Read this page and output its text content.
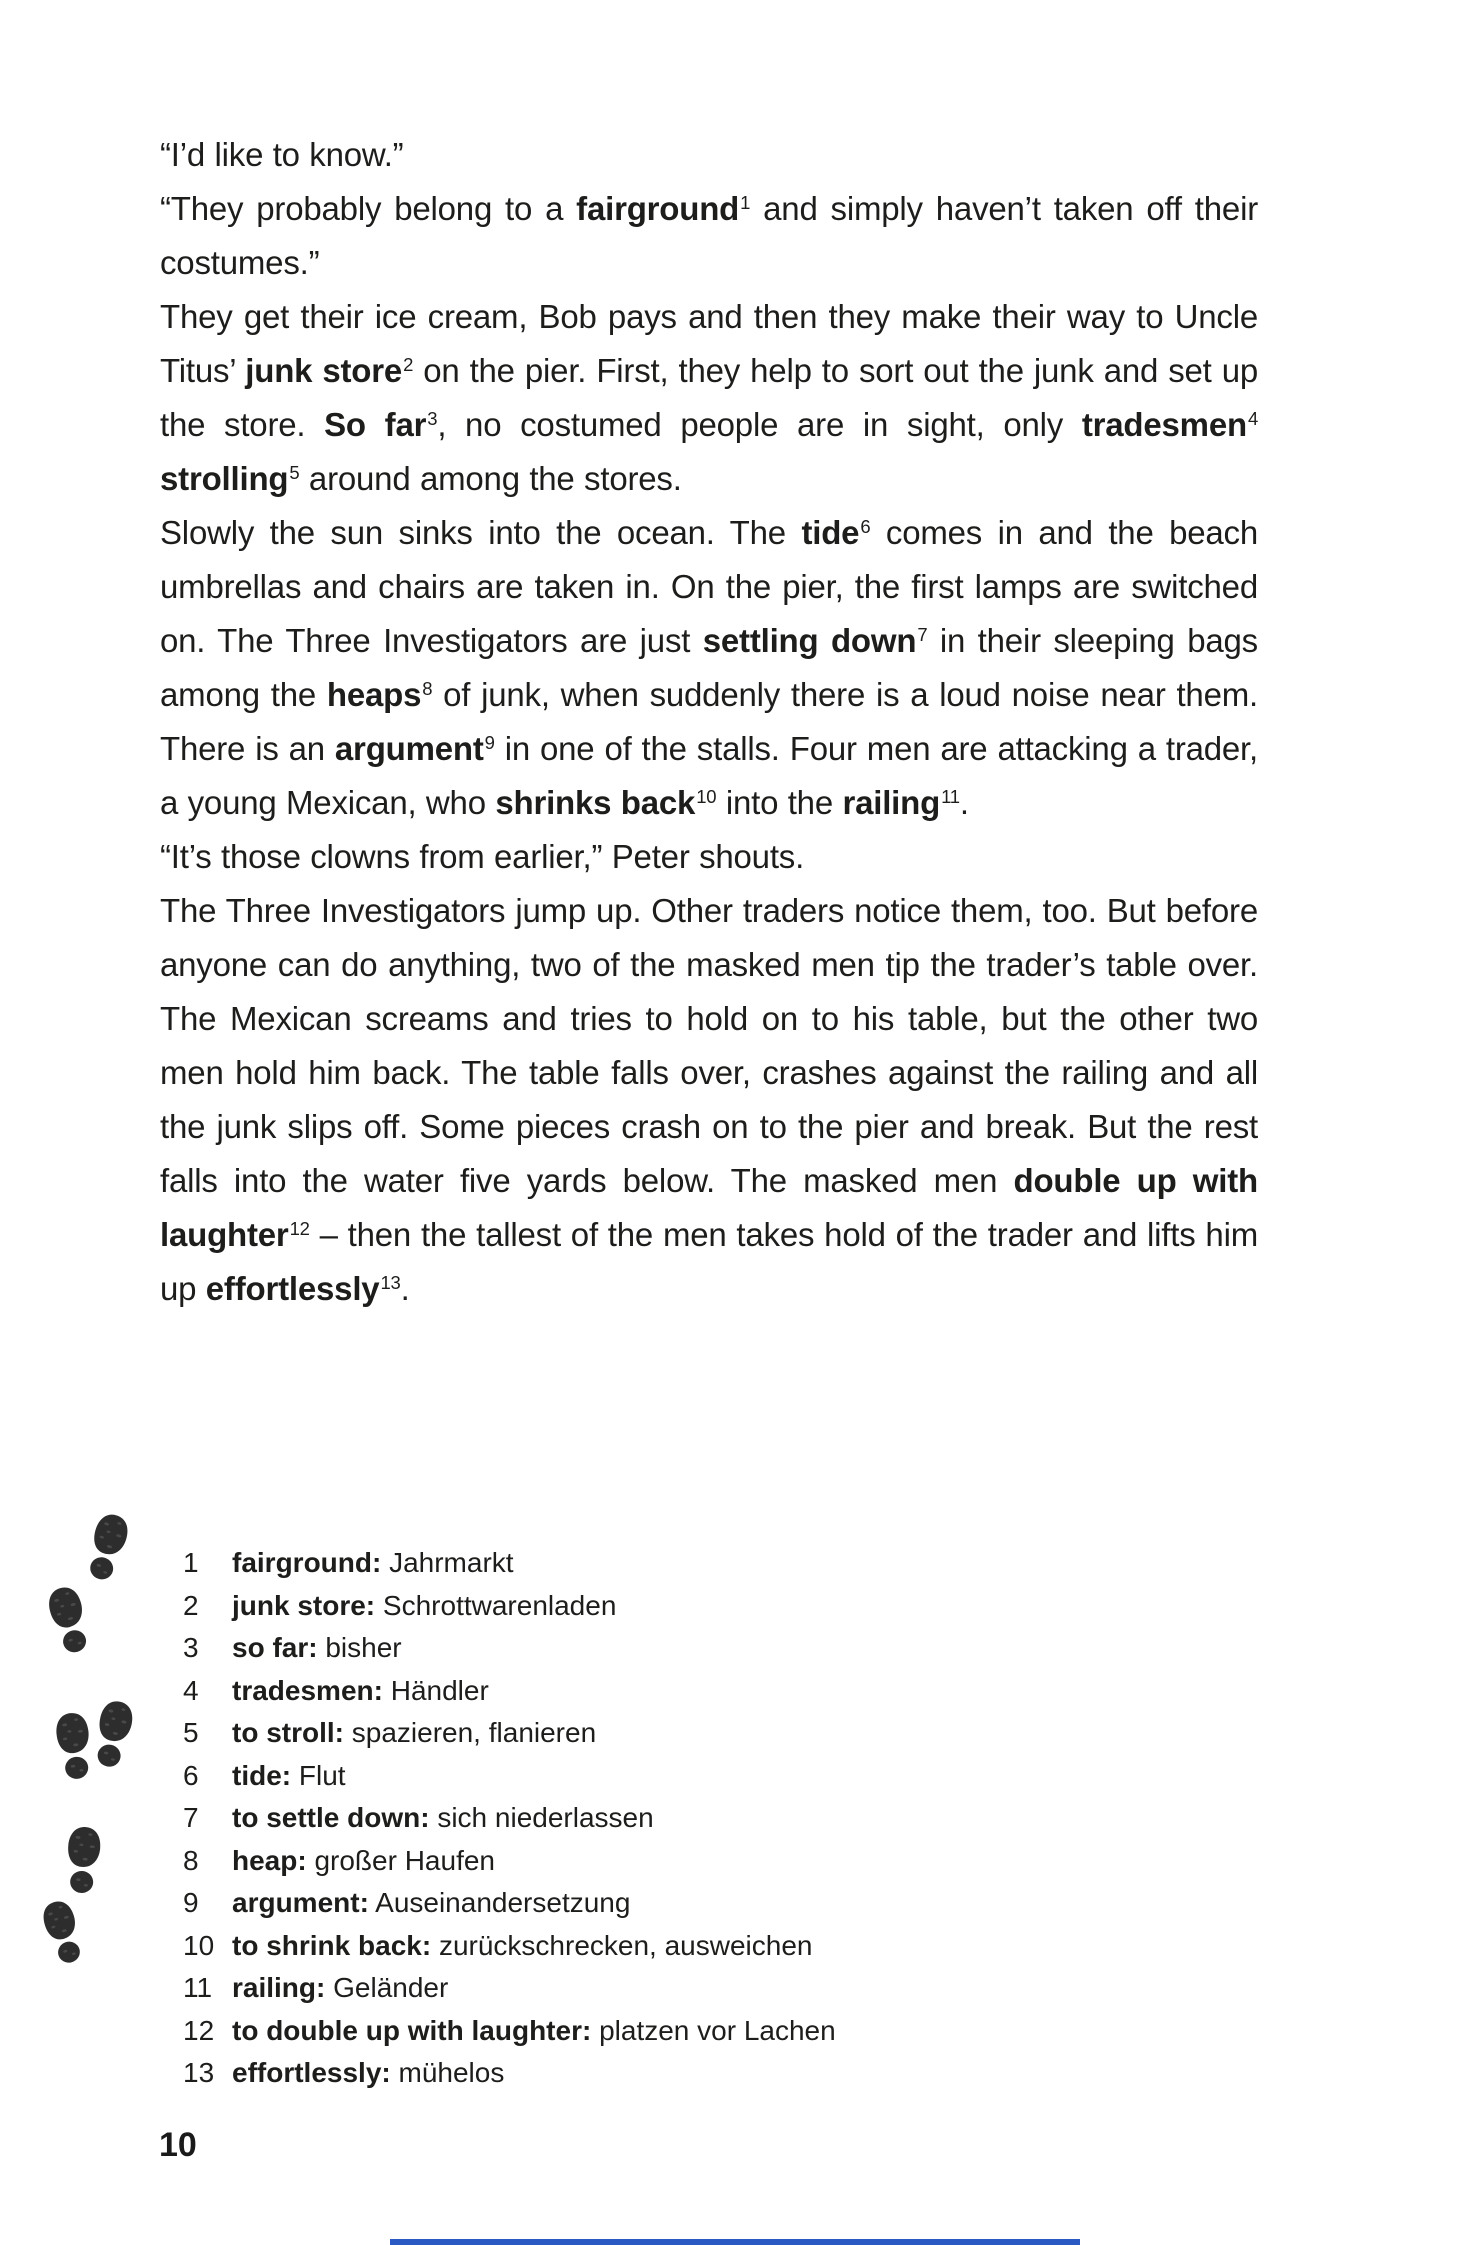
“I’d like to know.”

“They probably belong to a fairground$^1$ and simply haven’t taken off their costumes.”

They get their ice cream, Bob pays and then they make their way to Uncle Titus’ junk store$^2$ on the pier. First, they help to sort out the junk and set up the store. So far$^3$, no costumed people are in sight, only tradesmen$^4$ strolling$^5$ around among the stores.

Slowly the sun sinks into the ocean. The tide$^6$ comes in and the beach umbrellas and chairs are taken in. On the pier, the first lamps are switched on. The Three Investigators are just settling down$^7$ in their sleeping bags among the heaps$^8$ of junk, when suddenly there is a loud noise near them. There is an argument$^9$ in one of the stalls. Four men are attacking a trader, a young Mexican, who shrinks back$^{10}$ into the railing$^{11}$.

“It’s those clowns from earlier,” Peter shouts.

The Three Investigators jump up. Other traders notice them, too. But before anyone can do anything, two of the masked men tip the trader’s table over. The Mexican screams and tries to hold on to his table, but the other two men hold him back. The table falls over, crashes against the railing and all the junk slips off. Some pieces crash on to the pier and break. But the rest falls into the water five yards below. The masked men double up with laughter$^{12}$ – then the tallest of the men takes hold of the trader and lifts him up effortlessly$^{13}$.

1	fairground: Jahrmarkt
2	junk store: Schrottwarenladen
3	so far: bisher
4	tradesmen: Händler
5	to stroll: spazieren, flanieren
6	tide: Flut
7	to settle down: sich niederlassen
8	heap: großer Haufen
9	argument: Auseinandersetzung
10 to shrink back: zurückschrecken, ausweichen
11 railing: Geländer
12 to double up with laughter: platzen vor Lachen
13 effortlessly: mühelos
10
